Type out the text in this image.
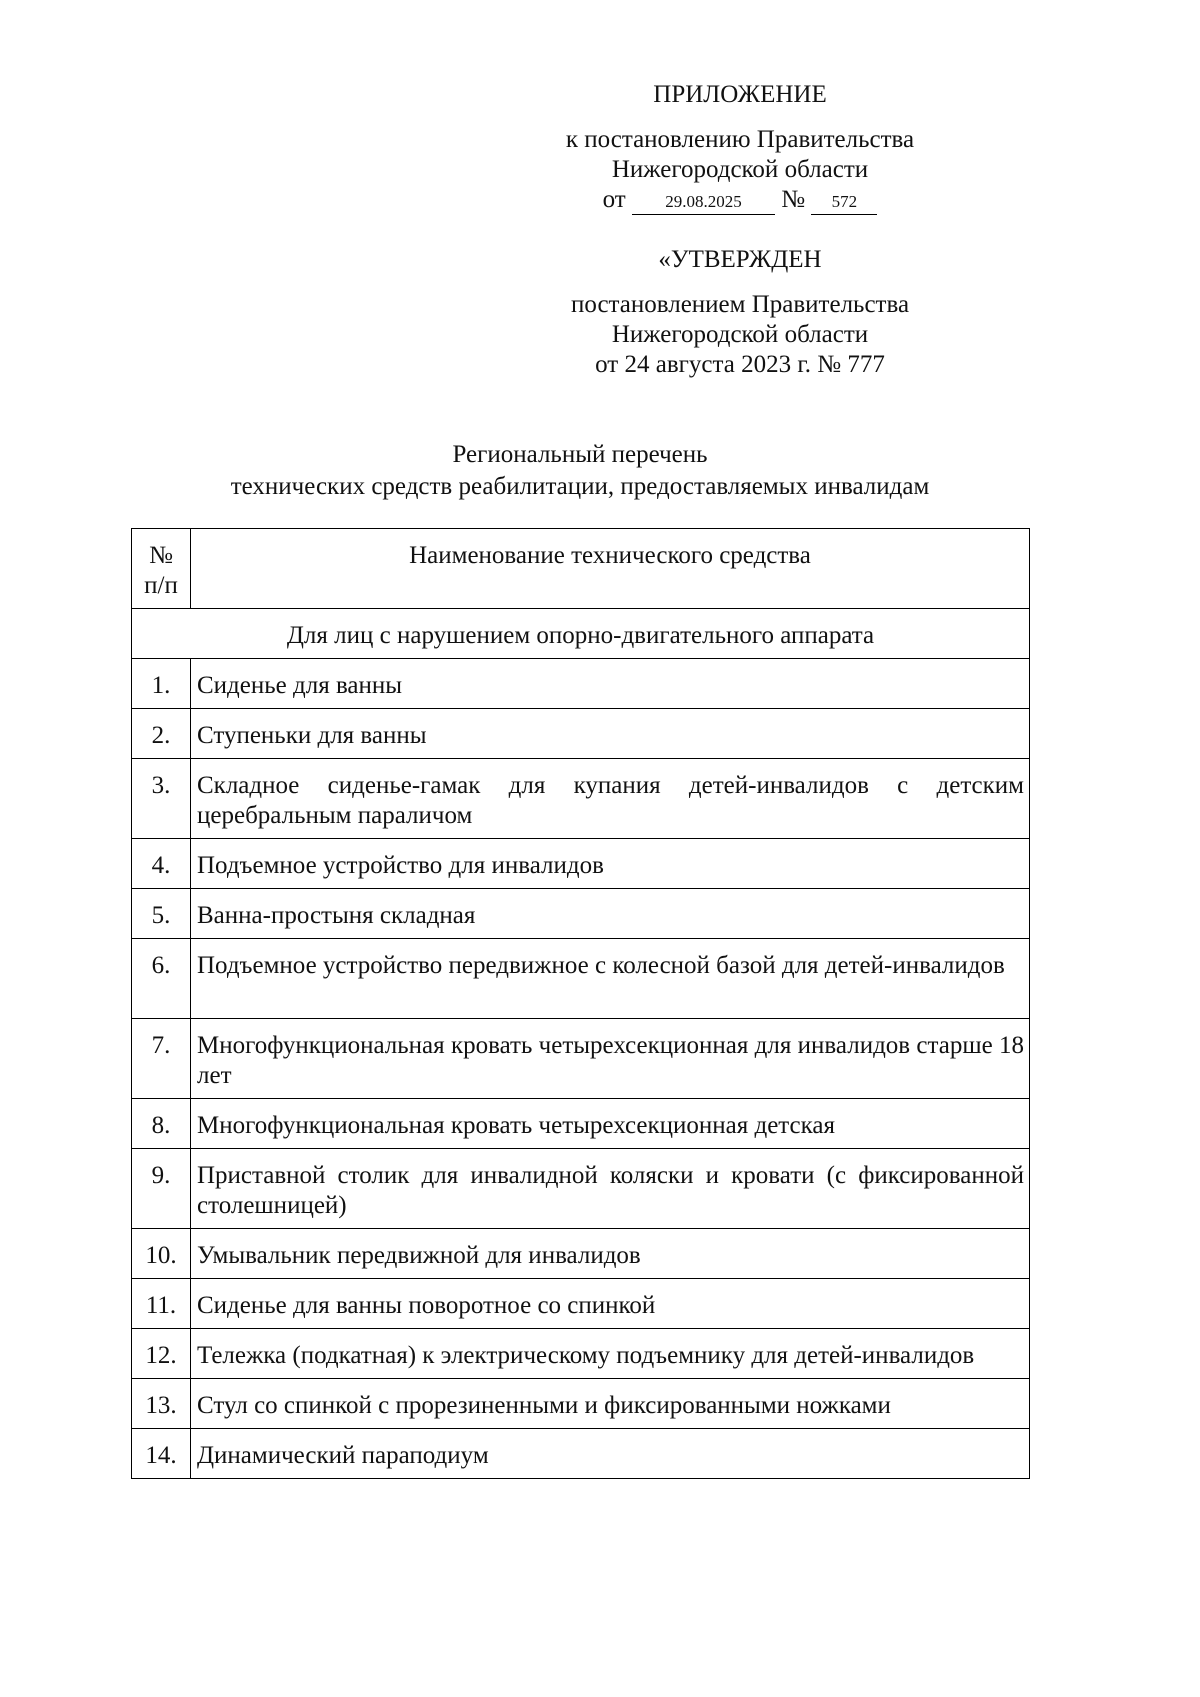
ПРИЛОЖЕНИЕ
к постановлению Правительства
Нижегородской области
от 29.08.2025 № 572
«УТВЕРЖДЕН
постановлением Правительства
Нижегородской области
от 24 августа 2023 г. № 777
Региональный перечень
технических средств реабилитации, предоставляемых инвалидам
№
п/п	Наименование технического средства
Для лиц с нарушением опорно-двигательного аппарата	
1.	Сиденье для ванны
2.	Ступеньки для ванны
3.	Складное сиденье-гамак для купания детей-инвалидов с детским церебральным параличом
4.	Подъемное устройство для инвалидов
5.	Ванна-простыня складная
6.	Подъемное устройство передвижное с колесной базой для детей-инвалидов
7.	Многофункциональная кровать четырехсекционная для инвалидов старше 18 лет
8.	Многофункциональная кровать четырехсекционная детская
9.	Приставной столик для инвалидной коляски и кровати (с фиксированной столешницей)
10.	Умывальник передвижной для инвалидов
11.	Сиденье для ванны поворотное со спинкой
12.	Тележка (подкатная) к электрическому подъемнику для детей-инвалидов
13.	Стул со спинкой с прорезиненными и фиксированными ножками
14.	Динамический параподиум
